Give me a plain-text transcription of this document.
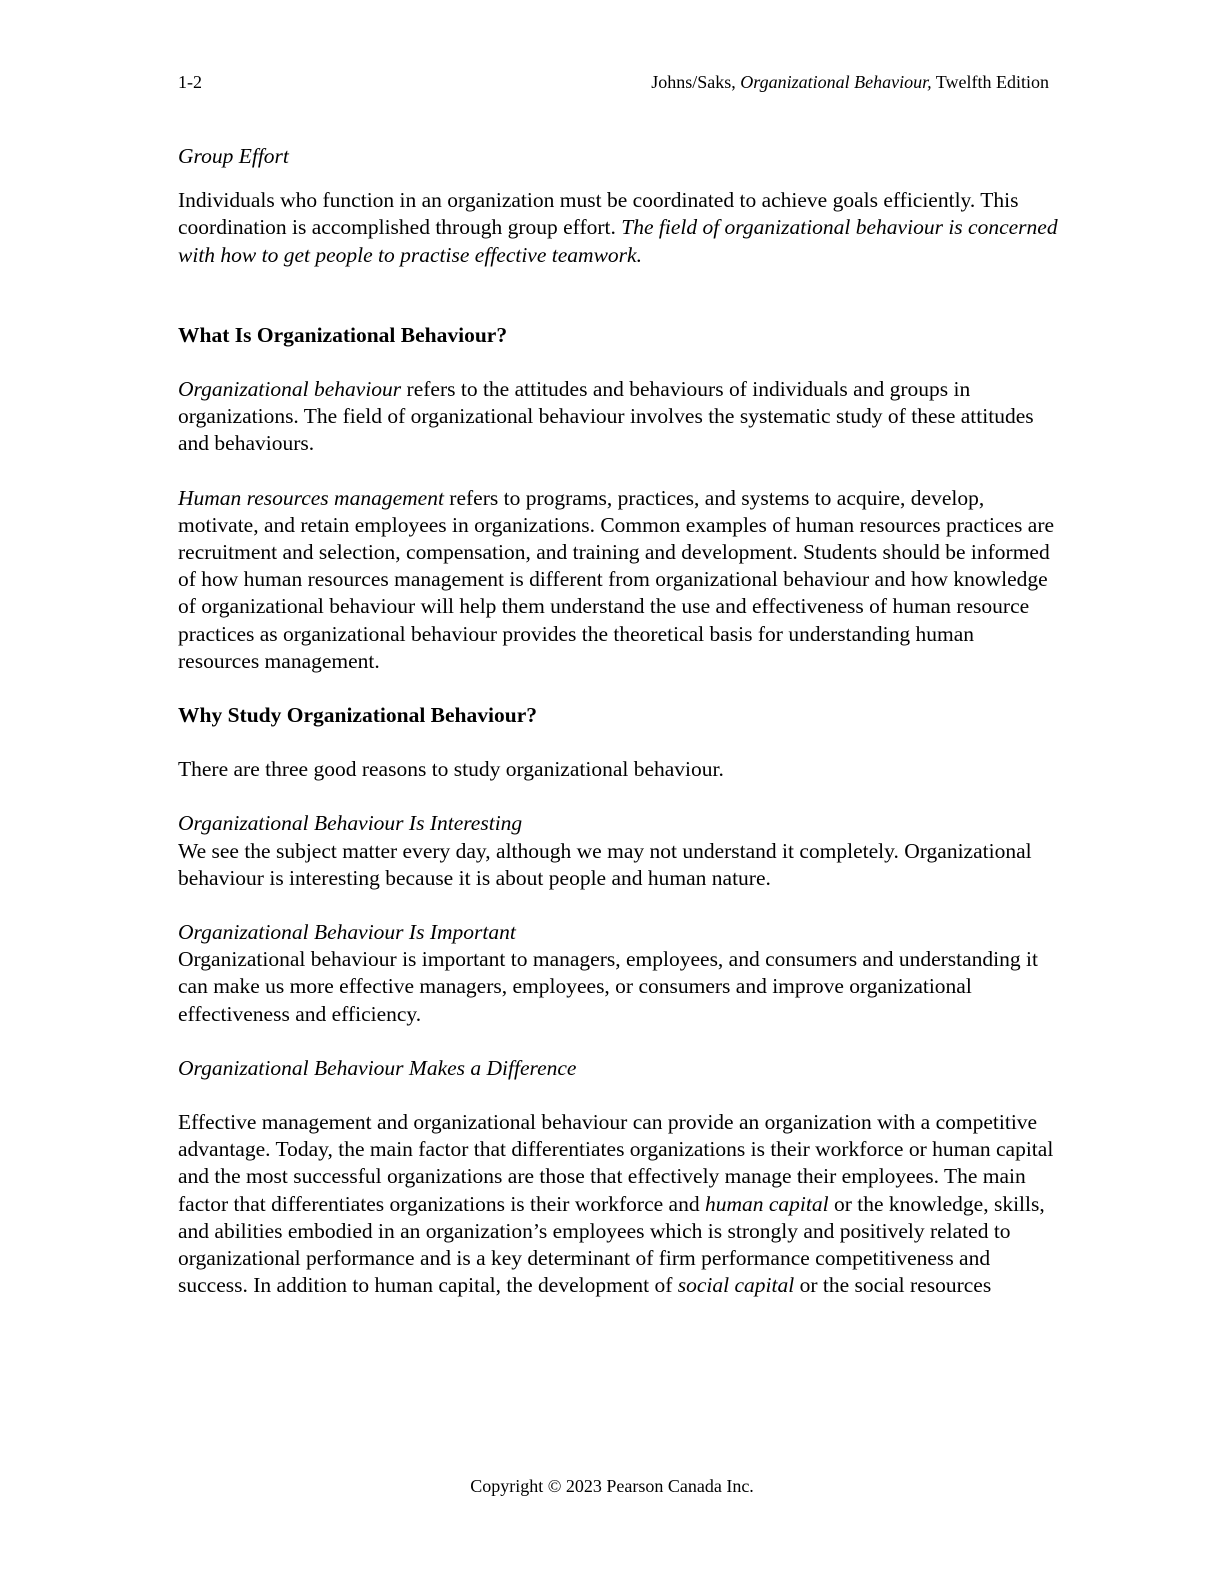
1-2	Johns/Saks, Organizational Behaviour, Twelfth Edition

Group Effort

Individuals who function in an organization must be coordinated to achieve goals efficiently. This coordination is accomplished through group effort. The field of organizational behaviour is concerned with how to get people to practise effective teamwork.

What Is Organizational Behaviour?

Organizational behaviour refers to the attitudes and behaviours of individuals and groups in organizations. The field of organizational behaviour involves the systematic study of these attitudes and behaviours.

Human resources management refers to programs, practices, and systems to acquire, develop, motivate, and retain employees in organizations. Common examples of human resources practices are recruitment and selection, compensation, and training and development. Students should be informed of how human resources management is different from organizational behaviour and how knowledge of organizational behaviour will help them understand the use and effectiveness of human resource practices as organizational behaviour provides the theoretical basis for understanding human resources management.

Why Study Organizational Behaviour?

There are three good reasons to study organizational behaviour.

Organizational Behaviour Is Interesting

We see the subject matter every day, although we may not understand it completely. Organizational behaviour is interesting because it is about people and human nature.

Organizational Behaviour Is Important

Organizational behaviour is important to managers, employees, and consumers and understanding it can make us more effective managers, employees, or consumers and improve organizational effectiveness and efficiency.

Organizational Behaviour Makes a Difference

Effective management and organizational behaviour can provide an organization with a competitive advantage. Today, the main factor that differentiates organizations is their workforce or human capital and the most successful organizations are those that effectively manage their employees. The main factor that differentiates organizations is their workforce and human capital or the knowledge, skills, and abilities embodied in an organization’s employees which is strongly and positively related to organizational performance and is a key determinant of firm performance competitiveness and success. In addition to human capital, the development of social capital or the social resources

Copyright © 2023 Pearson Canada Inc.
